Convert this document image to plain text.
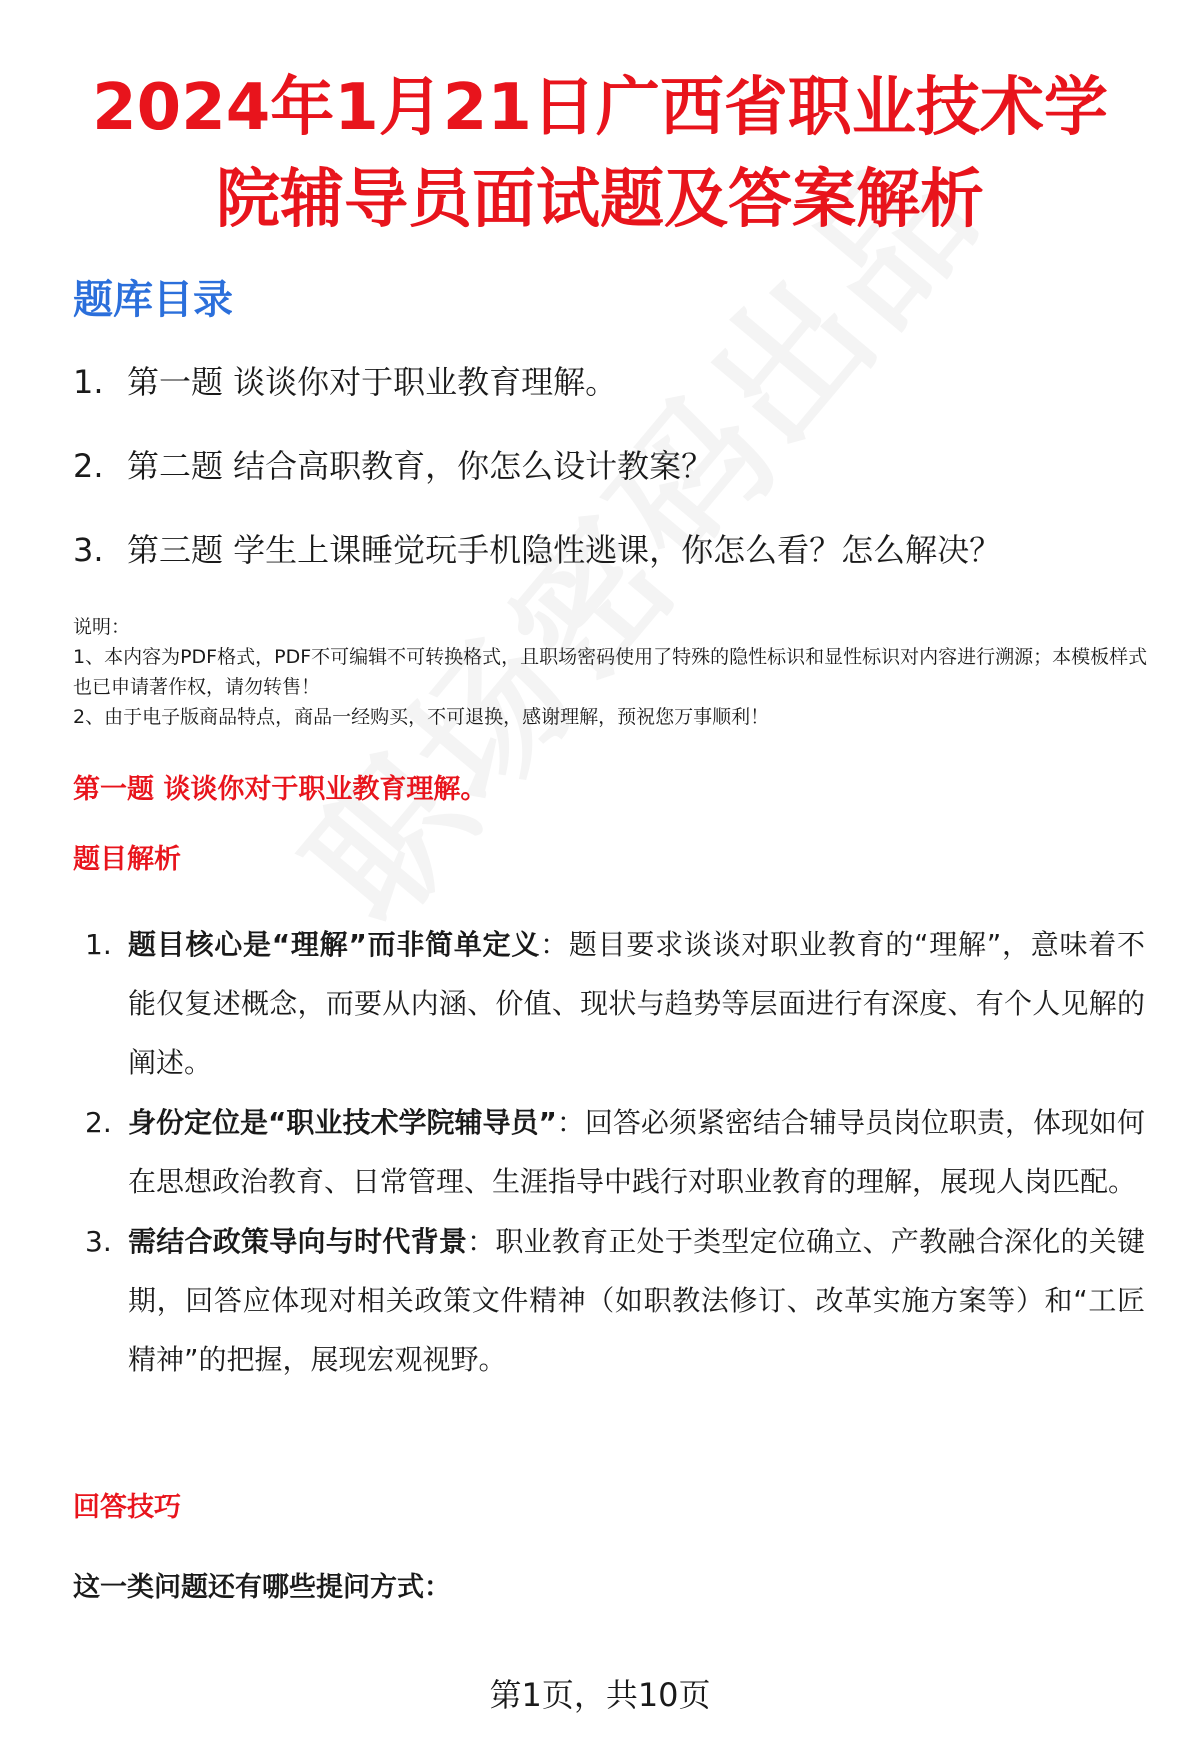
2024年1月21日广西省职业技术学
院辅导员面试题及答案解析
题库目录
1. 第一题 谈谈你对于职业教育理解。
2. 第二题 结合高职教育，你怎么设计教案？
3. 第三题 学生上课睡觉玩手机隐性逃课，你怎么看？怎么解决？

说明：

1、本内容为PDF格式，PDF不可编辑不可转换格式，且职场密码使用了特殊的隐性标识和显性标识对内容进行溯源；本模板样式也已申请著作权，请勿转售！

2、由于电子版商品特点，商品一经购买，不可退换，感谢理解，预祝您万事顺利！

第一题 谈谈你对于职业教育理解。
题目解析
1. 题目核心是“理解”而非简单定义：题目要求谈谈对职业教育的“理解”，意味着不能仅复述概念，而要从内涵、价值、现状与趋势等层面进行有深度、有个人见解的阐述。
2. 身份定位是“职业技术学院辅导员”：回答必须紧密结合辅导员岗位职责，体现如何在思想政治教育、日常管理、生涯指导中践行对职业教育的理解，展现人岗匹配。
3. 需结合政策导向与时代背景：职业教育正处于类型定位确立、产教融合深化的关键期，回答应体现对相关政策文件精神（如职教法修订、改革实施方案等）和“工匠精神”的把握，展现宏观视野。
回答技巧

这一类问题还有哪些提问方式：

第1页，共10页
